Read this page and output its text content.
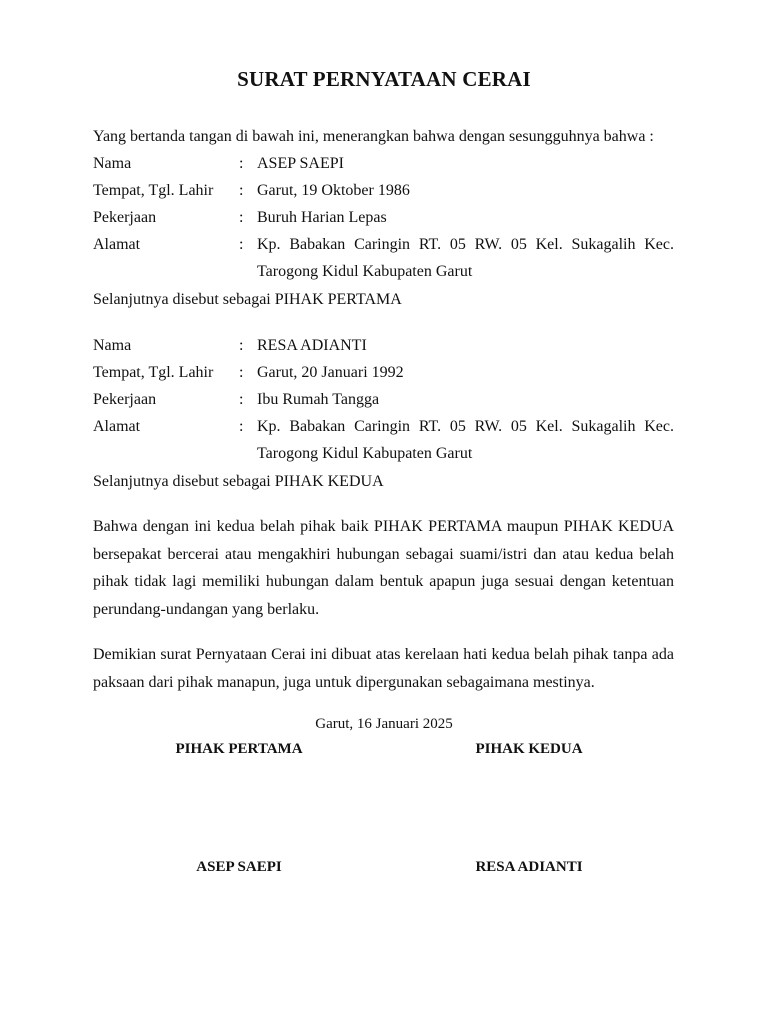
SURAT PERNYATAAN CERAI

Yang bertanda tangan di bawah ini, menerangkan bahwa dengan sesungguhnya bahwa :

Nama	: ASEP SAEPI
Tempat, Tgl. Lahir : Garut, 19 Oktober 1986
Pekerjaan	: Buruh Harian Lepas
Alamat	: Kp. Babakan Caringin RT. 05 RW. 05 Kel. Sukagalih Kec. Tarogong Kidul Kabupaten Garut

Selanjutnya disebut sebagai PIHAK PERTAMA

Nama	: RESA ADIANTI
Tempat, Tgl. Lahir : Garut, 20 Januari 1992
Pekerjaan	: Ibu Rumah Tangga
Alamat	: Kp. Babakan Caringin RT. 05 RW. 05 Kel. Sukagalih Kec. Tarogong Kidul Kabupaten Garut

Selanjutnya disebut sebagai PIHAK KEDUA

Bahwa dengan ini kedua belah pihak baik PIHAK PERTAMA maupun PIHAK KEDUA bersepakat bercerai atau mengakhiri hubungan sebagai suami/istri dan atau kedua belah pihak tidak lagi memiliki hubungan dalam bentuk apapun juga sesuai dengan ketentuan perundang-undangan yang berlaku.

Demikian surat Pernyataan Cerai ini dibuat atas kerelaan hati kedua belah pihak tanpa ada paksaan dari pihak manapun, juga untuk dipergunakan sebagaimana mestinya.

Garut, 16 Januari 2025
PIHAK PERTAMA	PIHAK KEDUA
ASEP SAEPI	RESA ADIANTI
